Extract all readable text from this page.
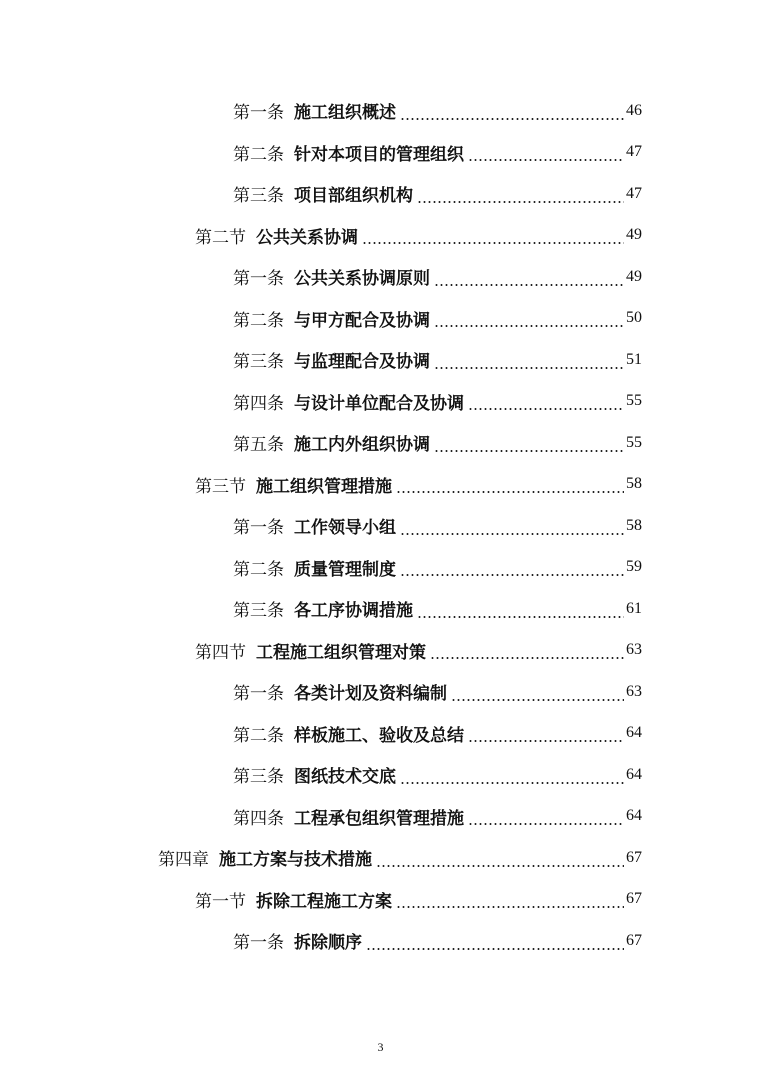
第一条 施工组织概述	46
第二条 针对本项目的管理组织	47
第三条 项目部组织机构	47
第二节 公共关系协调	49
第一条 公共关系协调原则	49
第二条 与甲方配合及协调	50
第三条 与监理配合及协调	51
第四条 与设计单位配合及协调	55
第五条 施工内外组织协调	55
第三节 施工组织管理措施	58
第一条 工作领导小组	58
第二条 质量管理制度	59
第三条 各工序协调措施	61
第四节 工程施工组织管理对策	63
第一条 各类计划及资料编制	63
第二条 样板施工、验收及总结	64
第三条 图纸技术交底	64
第四条 工程承包组织管理措施	64
第四章 施工方案与技术措施	67
第一节 拆除工程施工方案	67
第一条 拆除顺序	67
3
